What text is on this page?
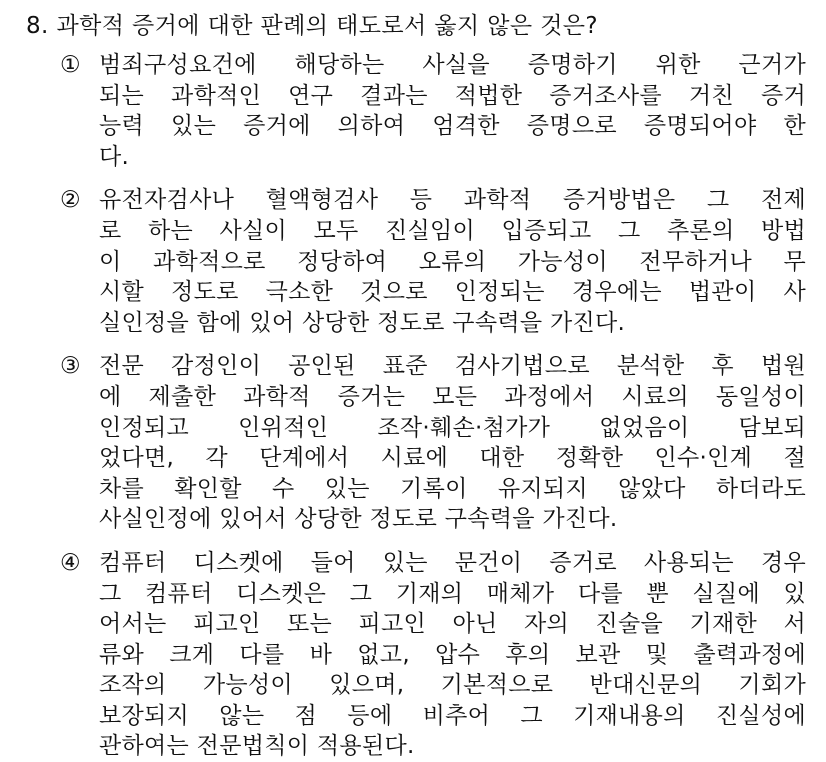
8. 과학적 증거에 대한 판례의 태도로서 옳지 않은 것은?
① 범죄구성요건에 해당하는 사실을 증명하기 위한 근거가
되는 과학적인 연구 결과는 적법한 증거조사를 거친 증거
능력 있는 증거에 의하여 엄격한 증명으로 증명되어야 한
다.
② 유전자검사나 혈액형검사 등 과학적 증거방법은 그 전제
로 하는 사실이 모두 진실임이 입증되고 그 추론의 방법
이 과학적으로 정당하여 오류의 가능성이 전무하거나 무
시할 정도로 극소한 것으로 인정되는 경우에는 법관이 사
실인정을 함에 있어 상당한 정도로 구속력을 가진다.
③ 전문 감정인이 공인된 표준 검사기법으로 분석한 후 법원
에 제출한 과학적 증거는 모든 과정에서 시료의 동일성이
인정되고 인위적인 조작·훼손·첨가가 없었음이 담보되
었다면, 각 단계에서 시료에 대한 정확한 인수·인계 절
차를 확인할 수 있는 기록이 유지되지 않았다 하더라도
사실인정에 있어서 상당한 정도로 구속력을 가진다.
④ 컴퓨터 디스켓에 들어 있는 문건이 증거로 사용되는 경우
그 컴퓨터 디스켓은 그 기재의 매체가 다를 뿐 실질에 있
어서는 피고인 또는 피고인 아닌 자의 진술을 기재한 서
류와 크게 다를 바 없고, 압수 후의 보관 및 출력과정에
조작의 가능성이 있으며, 기본적으로 반대신문의 기회가
보장되지 않는 점 등에 비추어 그 기재내용의 진실성에
관하여는 전문법칙이 적용된다.
